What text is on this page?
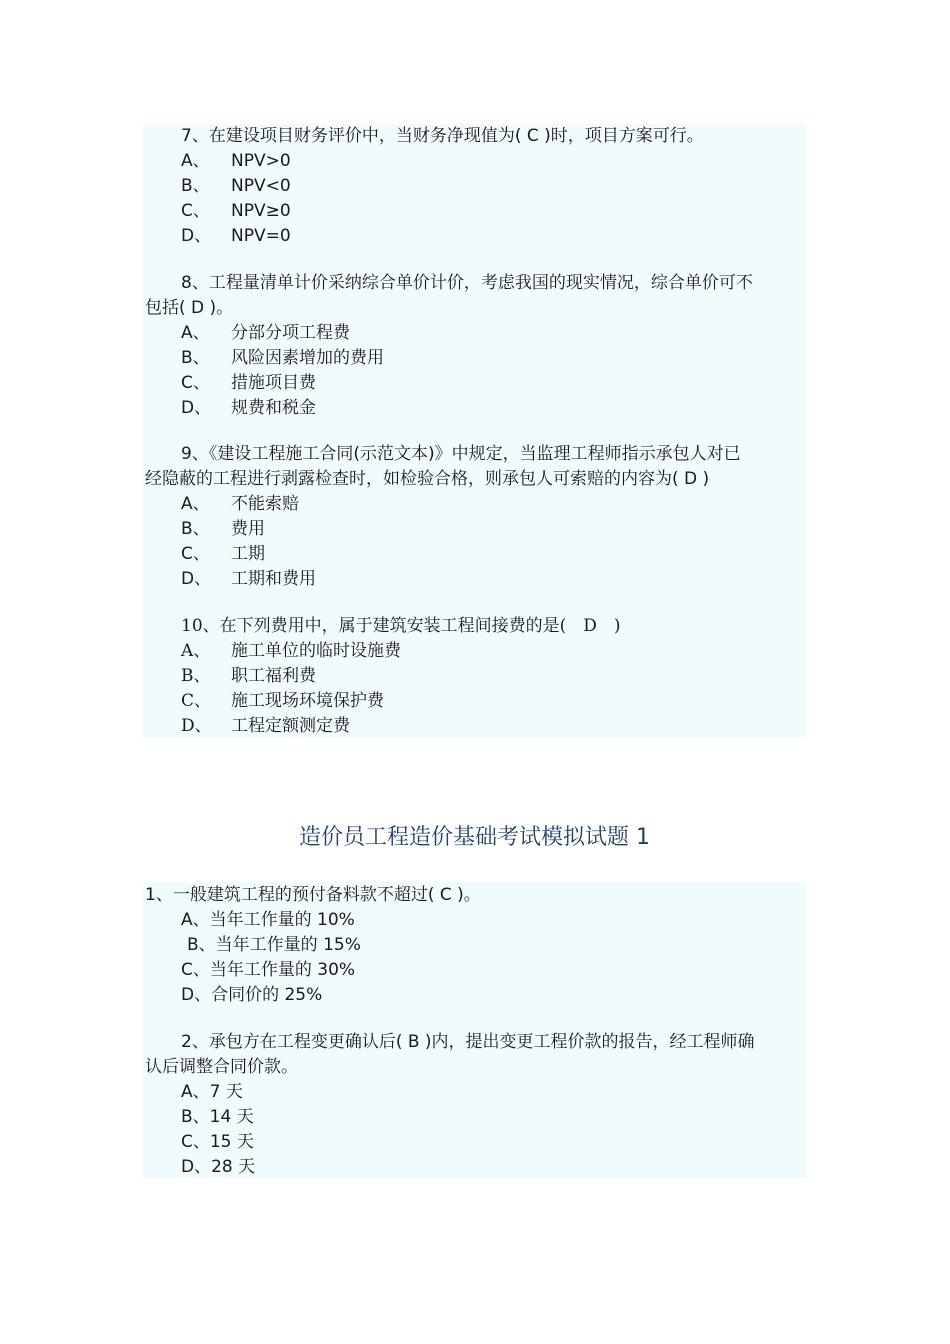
7、在建设项目财务评价中，当财务净现值为( C )时，项目方案可行。
A、 NPV>0
B、 NPV<0
C、 NPV≥0
D、 NPV=0
8、工程量清单计价采纳综合单价计价，考虑我国的现实情况，综合单价可不
包括( D )。
A、 分部分项工程费
B、 风险因素增加的费用
C、 措施项目费
D、 规费和税金
9、《建设工程施工合同(示范文本)》中规定，当监理工程师指示承包人对已
经隐蔽的工程进行剥露检查时，如检验合格，则承包人可索赔的内容为( D )
A、 不能索赔
B、 费用
C、 工期
D、 工期和费用
10、在下列费用中，属于建筑安装工程间接费的是(　D　)
A、 施工单位的临时设施费
B、 职工福利费
C、 施工现场环境保护费
D、 工程定额测定费
造价员工程造价基础考试模拟试题 1
1、一般建筑工程的预付备料款不超过( C )。
A、当年工作量的 10%
B、当年工作量的 15%
C、当年工作量的 30%
D、合同价的 25%
2、承包方在工程变更确认后( B )内，提出变更工程价款的报告，经工程师确
认后调整合同价款。
A、7 天
B、14 天
C、15 天
D、28 天
